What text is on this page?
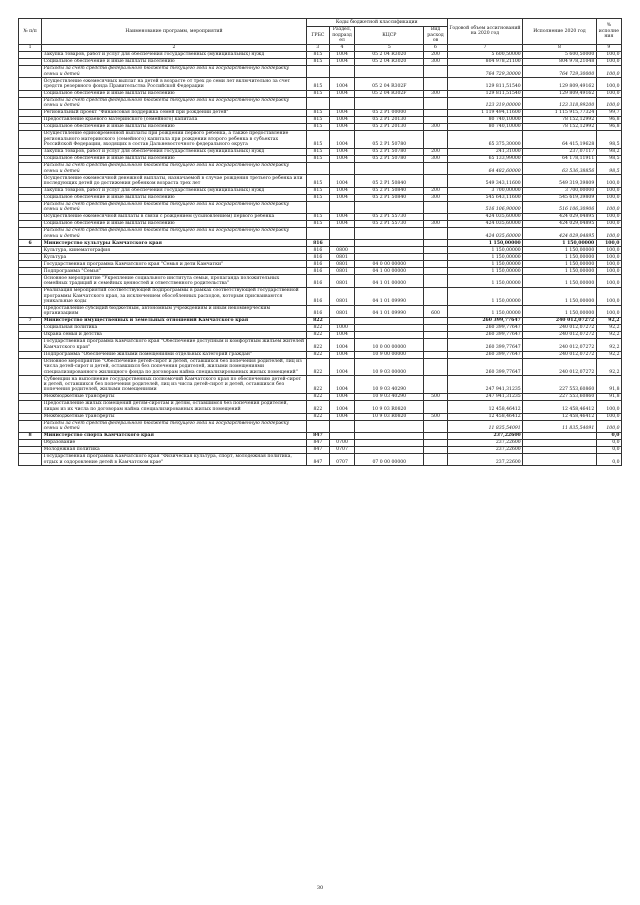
№ п/п	Наименование программ, мероприятий	Коды бюджетной классификации				Годовой объем ассигнований на 2020 год	Исполнение 2020 год	% исполне ния
		ГРБС	Раздел, подраздел	КЦСР	Вид расходов			
1	2	3	4	5	6	7	8	9
	Закупка товаров, работ и услуг для обеспечения государственных (муниципальных) нужд	815	1004	05 2 04 R3020	200	5 600,50000	5 600,50000	100,0
	Социальное обеспечение и иные выплаты населению	815	1004	05 2 04 R3020	300	804 978,21100	804 978,21048	100,0
	Расходы за счет средств федерального бюджета текущего года на государственную поддержку семьи и детей					764 729,30000	764 729,30000	100,0
	Осуществление ежемесячных выплат на детей в возрасте от трех до семи лет включительно за счет средств резервного фонда Правительства Российской Федерации	815	1004	05 2 04 R302F		129 811,51540	129 809,49162	100,0
	Социальное обеспечение и иные выплаты населению	815	1004	05 2 04 R302F	300	129 811,51540	129 809,49162	100,0
	Расходы за счет средств федерального бюджета текущего года на государственную поддержку семьи и детей					123 319,00000	123 318,99200	100,0
	Региональный проект "Финансовая поддержка семей при рождении детей"	815	1004	05 2 P1 00000		1 119 494,11600	1 115 915,77324	99,7
	Предоставление краевого материнского (семейного) капитала	815	1004	05 2 P1 20130		80 740,10000	78 152,12992	96,8
	Социальное обеспечение и иные выплаты населению	815	1004	05 2 P1 20130	300	80 740,10000	78 152,12992	96,8
	Осуществление единовременной выплаты при рождении первого ребенка, а также предоставление регионального материнского (семейного) капитала при рождении второго ребенка в субъектах Российской Федерации, входящих в состав Дальневосточного федерального округа	815	1004	05 2 P1 50780		65 375,30000	64 415,19628	98,5
	Закупка товаров, работ и услуг для обеспечения государственных (муниципальных) нужд	815	1004	05 2 P1 50780	200	241,31000	237,07117	98,2
	Социальное обеспечение и иные выплаты населению	815	1004	05 2 P1 50780	300	65 133,99000	64 178,11911	98,5
	Расходы за счет средств федерального бюджета текущего года на государственную поддержку семьи и детей					64 482,60000	63 536,38856	98,5
	Осуществление ежемесячной денежной выплаты, назначаемой в случае рождения третьего ребенка или последующих детей до достижения ребенком возраста трех лет	815	1004	05 2 P1 50840		549 343,11600	549 319,39809	100,0
	Закупка товаров, работ и услуг для обеспечения государственных (муниципальных) нужд	815	1004	05 2 P1 50840	200	3 700,00000	3 700,00000	100,0
	Социальное обеспечение и иные выплаты населению	815	1004	05 2 P1 50840	300	545 643,11600	545 619,39809	100,0
	Расходы за счет средств федерального бюджета текущего года на государственную поддержку семьи и детей					516 106,90000	516 106,30906	100,0
	Осуществление ежемесячной выплаты в связи с рождением (усыновлением) первого ребенка	815	1004	05 2 P1 55730		424 035,60000	424 029,04895	100,0
	Социальное обеспечение и иные выплаты населению	815	1004	05 2 P1 55730	300	424 035,60000	424 029,04895	100,0
	Расходы за счет средств федерального бюджета текущего года на государственную поддержку семьи и детей					424 035,60000	424 029,04895	100,0
6	Министерство культуры Камчатского края	816				1 150,00000	1 150,00000	100,0
	Культура, кинематография	816	0800			1 150,00000	1 150,00000	100,0
	Культура	816	0801			1 150,00000	1 150,00000	100,0
	Государственная программа Камчатского края "Семья и дети Камчатки"	816	0801	04 0 00 00000		1 150,00000	1 150,00000	100,0
	Подпрограмма "Семья"	816	0801	04 1 00 00000		1 150,00000	1 150,00000	100,0
	Основное мероприятие "Укрепление социального института семьи, пропаганда положительных семейных традиций и семейных ценностей и ответственного родительства"	816	0801	04 1 01 00000		1 150,00000	1 150,00000	100,0
	Реализация мероприятий соответствующей подпрограммы в рамках соответствующей государственной программы Камчатского края, за исключением обособленных расходов, которым присваиваются уникальные коды	816	0801	04 1 01 09990		1 150,00000	1 150,00000	100,0
	Предоставление субсидий бюджетным, автономным учреждениям и иным некоммерческим организациям	816	0801	04 1 01 09990	600	1 150,00000	1 150,00000	100,0
7	Министерство имущественных и земельных отношений Камчатского края	822				260 399,77647	240 012,07272	92,2
	Социальная политика	822	1000			260 399,77647	240 012,07272	92,2
	Охрана семьи и детства	822	1004			260 399,77647	240 012,07272	92,2
	Государственная программа Камчатского края "Обеспечение доступным и комфортным жильем жителей Камчатского края"	822	1004	10 0 00 00000		260 399,77647	240 012,07272	92,2
	Подпрограмма "Обеспечение жилыми помещениями отдельных категорий граждан"	822	1004	10 9 00 00000		260 399,77647	240 012,07272	92,2
	Основное мероприятие "Обеспечение детей-сирот и детей, оставшихся без попечения родителей, лиц из числа детей-сирот и детей, оставшихся без попечения родителей, жилыми помещениями специализированного жилищного фонда по договорам найма специализированных жилых помещений"	822	1004	10 9 03 00000		260 399,77647	240 012,07272	92,2
	Субвенции на выполнение государственных полномочий Камчатского края по обеспечению детей-сирот и детей, оставшихся без попечения родителей, лиц из числа детей-сирот и детей, оставшихся без попечения родителей, жилыми помещениями	822	1004	10 9 03 40290		247 941,31235	227 553,60860	91,8
	Межбюджетные трансферты	822	1004	10 9 03 40290	500	247 941,31235	227 553,60860	91,8
	Предоставление жилых помещений детям-сиротам и детям, оставшимся без попечения родителей, лицам из их числа по договорам найма специализированных жилых помещений	822	1004	10 9 03 R0820		12 458,46412	12 458,46412	100,0
	Межбюджетные трансферты	822	1004	10 9 03 R0820	500	12 458,46412	12 458,46412	100,0
	Расходы за счет средств федерального бюджета текущего года на государственную поддержку семьи и детей					11 835,54091	11 835,54091	100,0
8	Министерство спорта Камчатского края	847				237,22600		0,0
	Образование	847	0700			237,22600		0,0
	Молодежная политика	847	0707			237,22600		0,0
	Государственная программа Камчатского края "Физическая культура, спорт, молодежная политика, отдых и оздоровление детей в Камчатском крае"	847	0707	07 0 00 00000		237,22600		0,0
30
